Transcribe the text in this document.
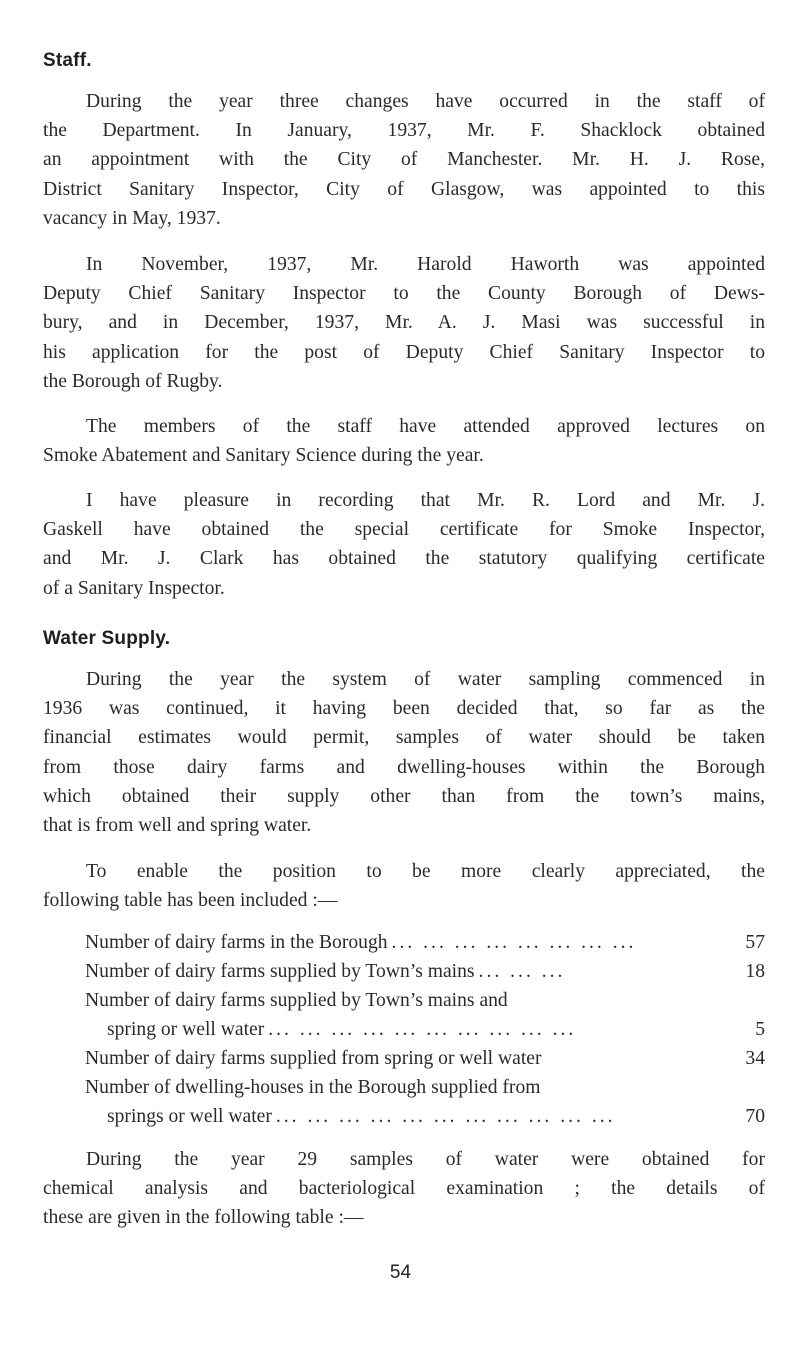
Staff.
During the year three changes have occurred in the staff of
the Department. In January, 1937, Mr. F. Shacklock obtained
an appointment with the City of Manchester. Mr. H. J. Rose,
District Sanitary Inspector, City of Glasgow, was appointed to this
vacancy in May, 1937.
In November, 1937, Mr. Harold Haworth was appointed
Deputy Chief Sanitary Inspector to the County Borough of Dews-
bury, and in December, 1937, Mr. A. J. Masi was successful in
his application for the post of Deputy Chief Sanitary Inspector to
the Borough of Rugby.
The members of the staff have attended approved lectures on
Smoke Abatement and Sanitary Science during the year.
I have pleasure in recording that Mr. R. Lord and Mr. J.
Gaskell have obtained the special certificate for Smoke Inspector,
and Mr. J. Clark has obtained the statutory qualifying certificate
of a Sanitary Inspector.
Water Supply.
During the year the system of water sampling commenced in
1936 was continued, it having been decided that, so far as the
financial estimates would permit, samples of water should be taken
from those dairy farms and dwelling-houses within the Borough
which obtained their supply other than from the town’s mains,
that is from well and spring water.
To enable the position to be more clearly appreciated, the
following table has been included :—
Number of dairy farms in the Borough ... ... ... ... ... ... ... ...	57
Number of dairy farms supplied by Town’s mains ... ... ...	18
Number of dairy farms supplied by Town’s mains and
spring or well water ... ... ... ... ... ... ... ... ... ...	5
Number of dairy farms supplied from spring or well water	34
Number of dwelling-houses in the Borough supplied from
springs or well water ... ... ... ... ... ... ... ... ... ... ...	70
During the year 29 samples of water were obtained for
chemical analysis and bacteriological examination ; the details of
these are given in the following table :—
54
